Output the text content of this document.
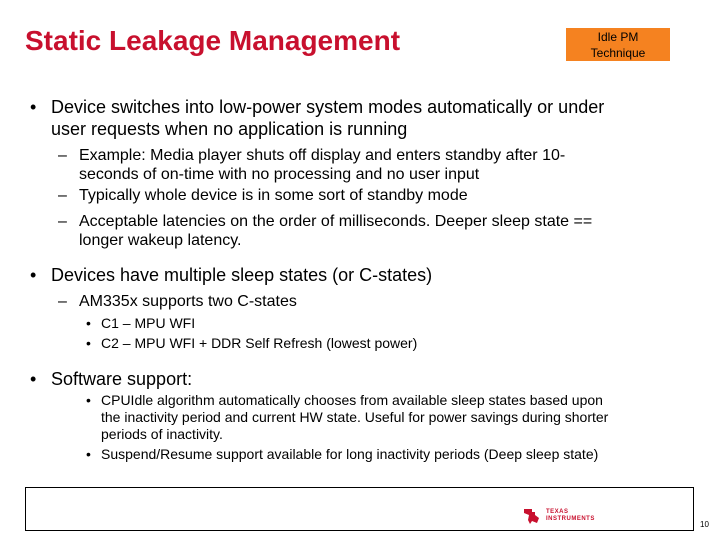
Static Leakage Management	Idle PM
Technique
• Device switches into low-power system modes automatically or under
user requests when no application is running
– Example: Media player shuts off display and enters standby after 10-
seconds of on-time with no processing and no user input
– Typically whole device is in some sort of standby mode
– Acceptable latencies on the order of milliseconds. Deeper sleep state ==
longer wakeup latency.
• Devices have multiple sleep states (or C-states)
– AM335x supports two C-states
• C1 – MPU WFI
• C2 – MPU WFI + DDR Self Refresh (lowest power)
• Software support:
• CPUIdle algorithm automatically chooses from available sleep states based upon
the inactivity period and current HW state. Useful for power savings during shorter
periods of inactivity.
• Suspend/Resume support available for long inactivity periods (Deep sleep state)
TEXAS
INSTRUMENTS
10
